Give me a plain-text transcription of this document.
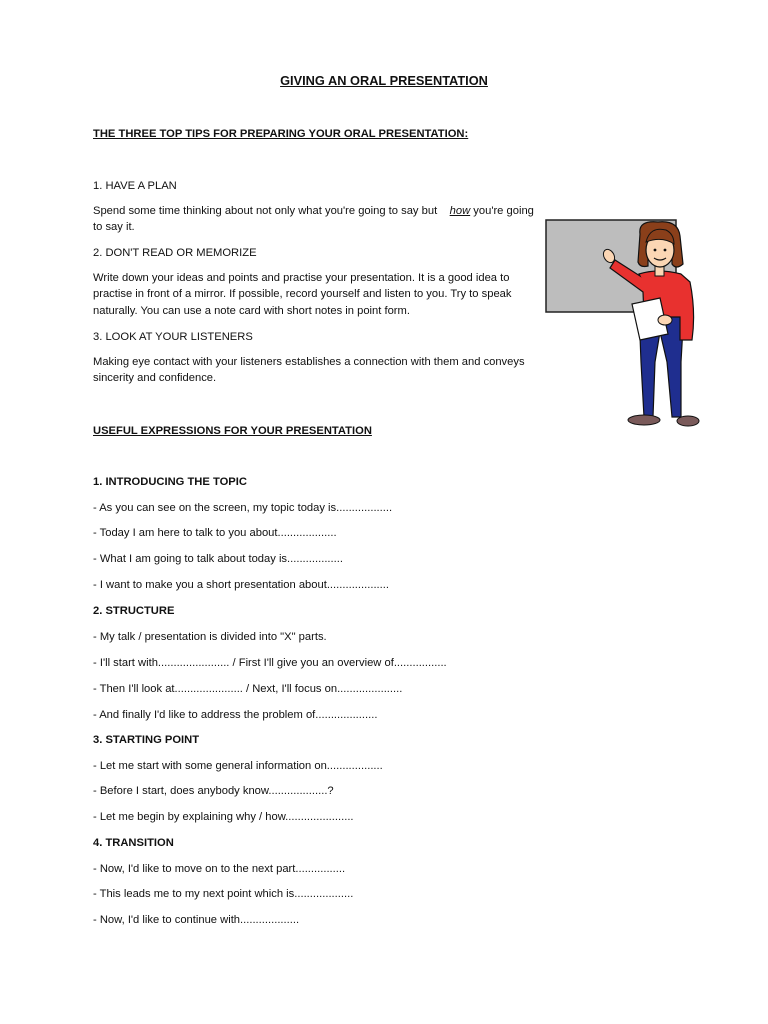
GIVING AN ORAL PRESENTATION
THE THREE TOP TIPS FOR PREPARING YOUR ORAL PRESENTATION:
1. HAVE A PLAN
Spend some time thinking about not only what you're going to say but how you're going to say it.
2. DON'T READ OR MEMORIZE
Write down your ideas and points and practise your presentation. It is a good idea to practise in front of a mirror. If possible, record yourself and listen to you. Try to speak naturally. You can use a note card with short notes in point form.
3. LOOK AT YOUR LISTENERS
Making eye contact with your listeners establishes a connection with them and conveys sincerity and confidence.
USEFUL EXPRESSIONS FOR YOUR PRESENTATION
1. INTRODUCING THE TOPIC
- As you can see on the screen, my topic today is..................
- Today I am here to talk to you about...................
- What I am going to talk about today is..................
- I want to make you a short presentation about....................
2. STRUCTURE
- My talk / presentation is divided into "X" parts.
- I'll start with....................... / First I'll give you an overview of.................
- Then I'll look at...................... / Next, I'll focus on.....................
- And finally I'd like to address the problem of....................
3. STARTING POINT
- Let me start with some general information on..................
- Before I start, does anybody know...................?
- Let me begin by explaining why / how......................
4. TRANSITION
- Now, I'd like to move on to the next part................
- This leads me to my next point which is...................
- Now, I'd like to continue with...................
